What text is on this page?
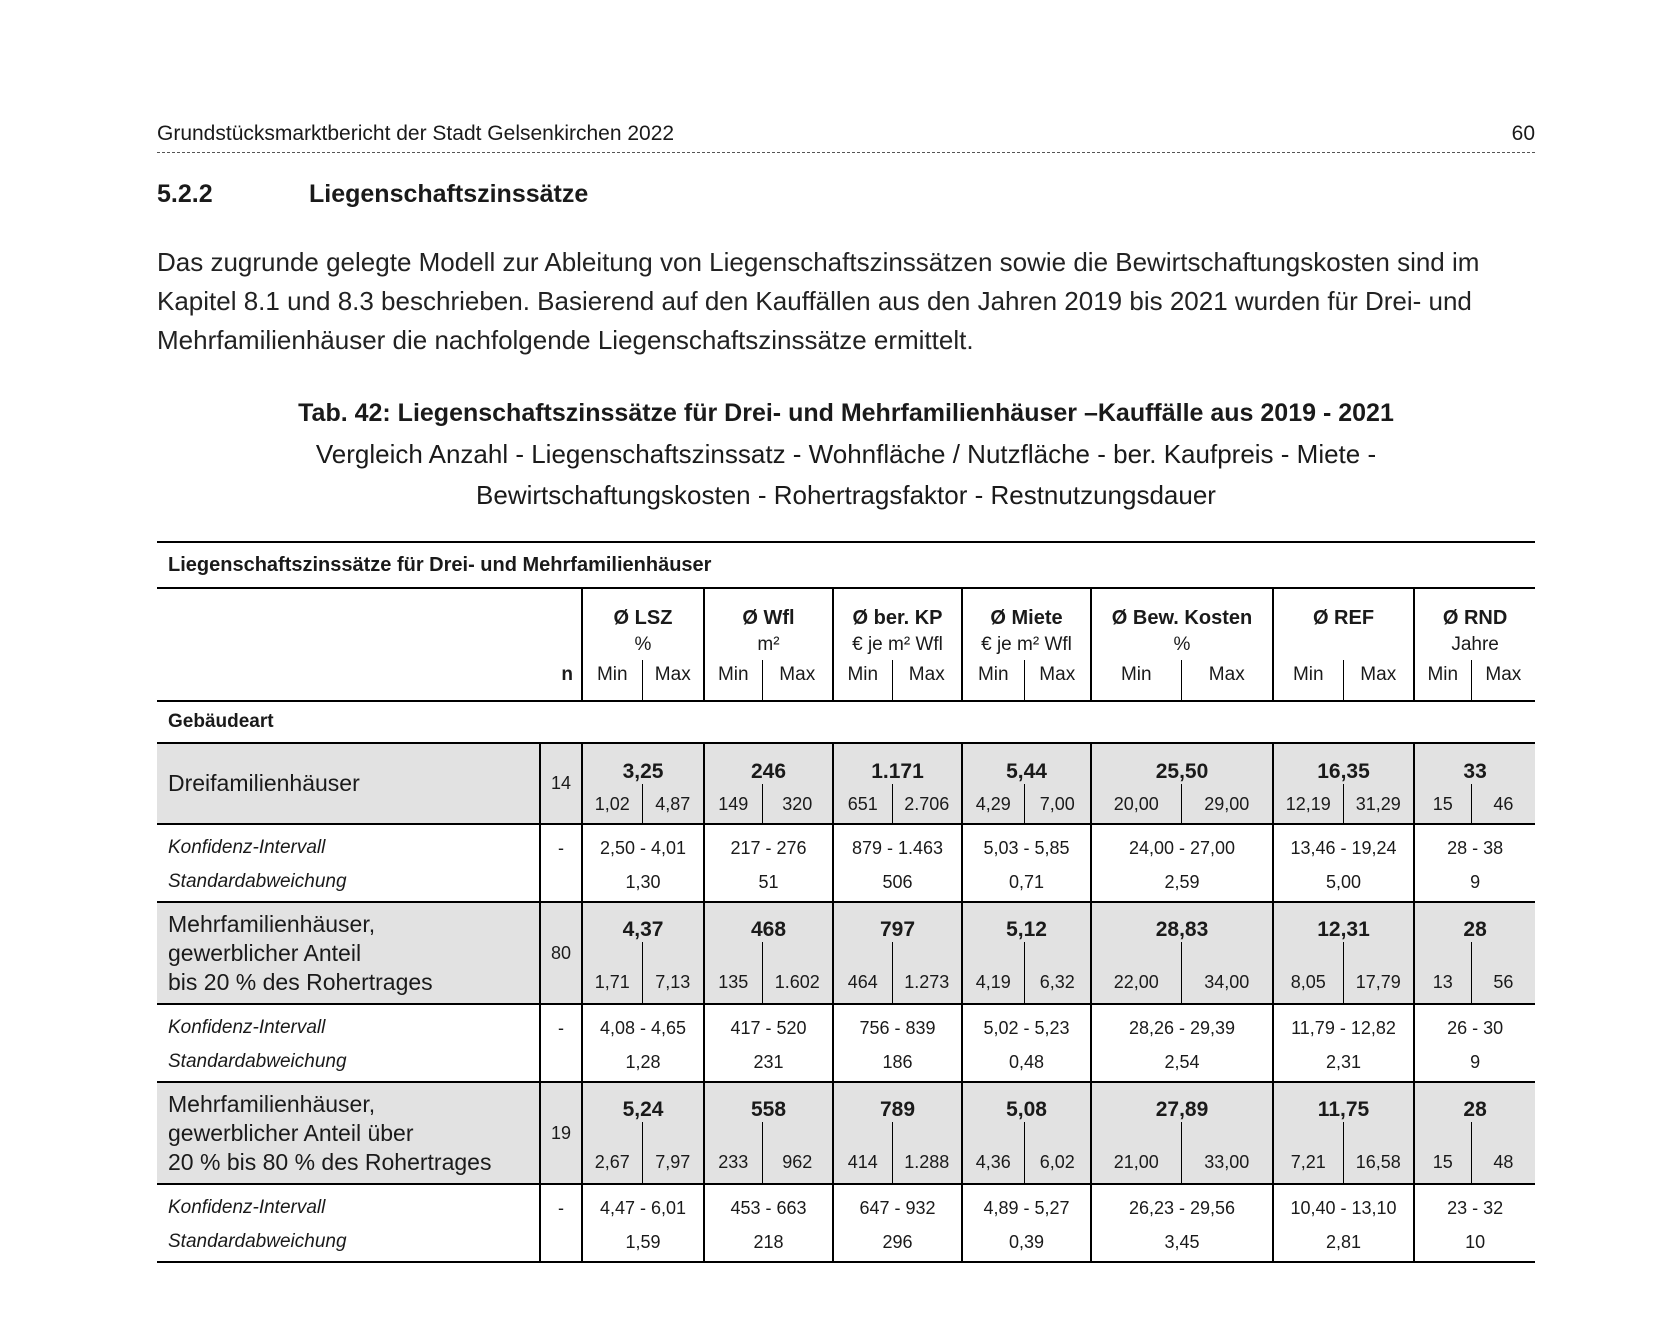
Grundstücksmarktbericht der Stadt Gelsenkirchen 2022	60
5.2.2	Liegenschaftszinssätze
Das zugrunde gelegte Modell zur Ableitung von Liegenschaftszinssätzen sowie die Bewirtschaftungskosten sind im Kapitel 8.1 und 8.3 beschrieben. Basierend auf den Kauffällen aus den Jahren 2019 bis 2021 wurden für Drei- und Mehrfamilienhäuser die nachfolgende Liegenschaftszinssätze ermittelt.
Tab. 42: Liegenschaftszinssätze für Drei- und Mehrfamilienhäuser –Kauffälle aus 2019 - 2021
Vergleich Anzahl - Liegenschaftszinssatz - Wohnfläche / Nutzfläche - ber. Kaufpreis - Miete -
Bewirtschaftungskosten - Rohertragsfaktor - Restnutzungsdauer
Liegenschaftszinssätze für Drei- und Mehrfamilienhäuser															
		Ø LSZ		Ø Wfl		Ø ber. KP		Ø Miete		Ø Bew. Kosten		Ø REF		Ø RND	
		%		m²		€ je m² Wfl		€ je m² Wfl		%				Jahre	
	n	Min	Max	Min	Max	Min	Max	Min	Max	Min	Max	Min	Max	Min	Max
Gebäudeart															

Dreifamilienhäuser	14	3,25		246		1.171		5,44		25,50		16,35		33	
		1,02	4,87	149	320	651	2.706	4,29	7,00	20,00	29,00	12,19	31,29	15	46
Konfidenz-Intervall	-	2,50 - 4,01		217 - 276		879 - 1.463		5,03 - 5,85		24,00 - 27,00		13,46 - 19,24		28 - 38	
Standardabweichung		1,30		51		506		0,71		2,59		5,00		9	

Mehrfamilienhäuser,
gewerblicher Anteil
bis 20 % des Rohertrages	80	4,37		468		797		5,12		28,83		12,31		28	
		1,71	7,13	135	1.602	464	1.273	4,19	6,32	22,00	34,00	8,05	17,79	13	56
Konfidenz-Intervall	-	4,08 - 4,65		417 - 520		756 - 839		5,02 - 5,23		28,26 - 29,39		11,79 - 12,82		26 - 30	
Standardabweichung		1,28		231		186		0,48		2,54		2,31		9	

Mehrfamilienhäuser,
gewerblicher Anteil über
20 % bis 80 % des Rohertrages	19	5,24		558		789		5,08		27,89		11,75		28	
		2,67	7,97	233	962	414	1.288	4,36	6,02	21,00	33,00	7,21	16,58	15	48
Konfidenz-Intervall	-	4,47 - 6,01		453 - 663		647 - 932		4,89 - 5,27		26,23 - 29,56		10,40 - 13,10		23 - 32	
Standardabweichung		1,59		218		296		0,39		3,45		2,81		10	
